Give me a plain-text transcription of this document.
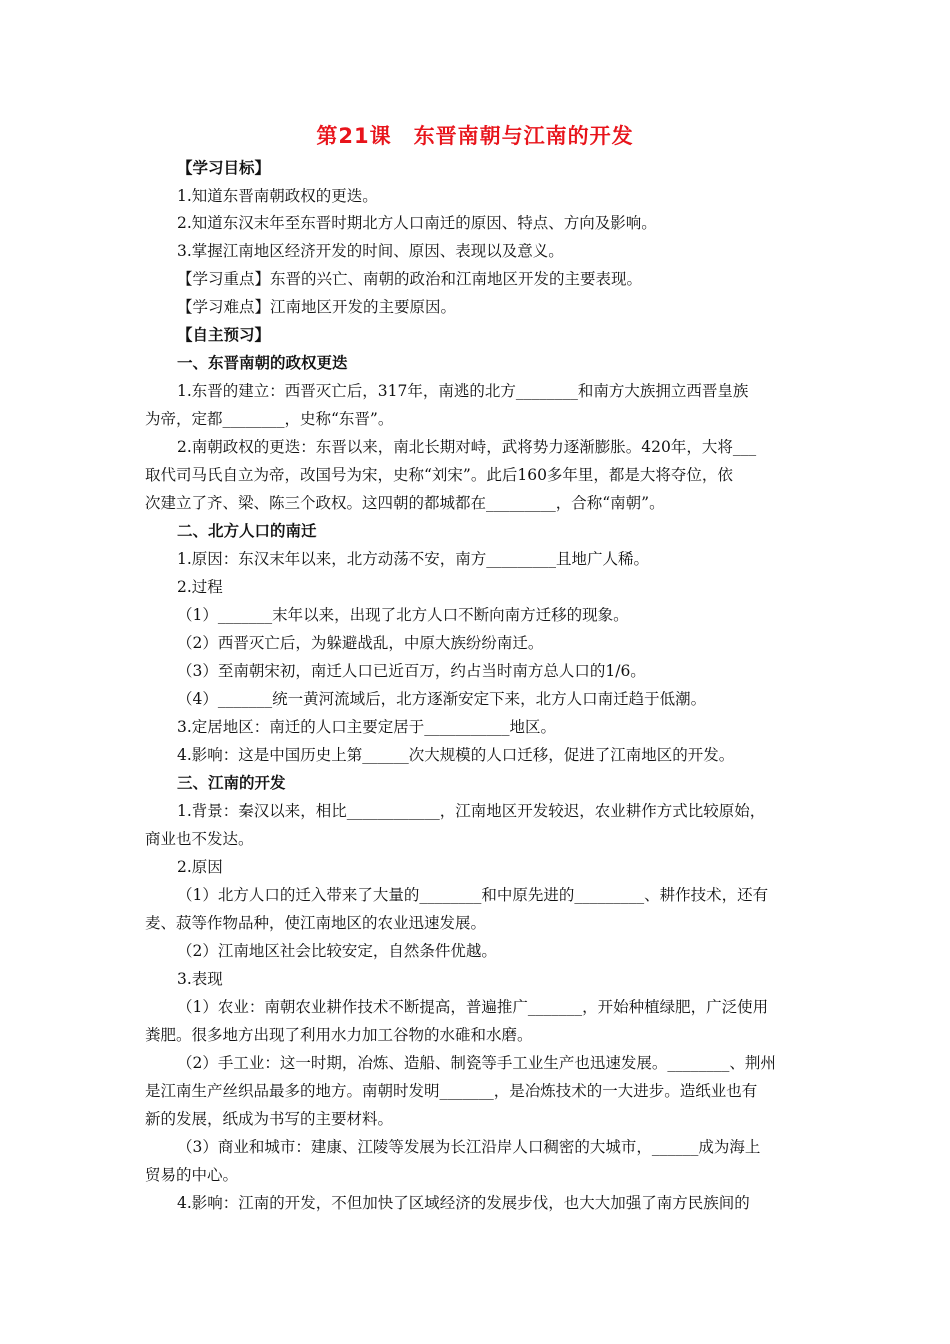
第21课　东晋南朝与江南的开发
【学习目标】
1.知道东晋南朝政权的更迭。
2.知道东汉末年至东晋时期北方人口南迁的原因、特点、方向及影响。
3.掌握江南地区经济开发的时间、原因、表现以及意义。
【学习重点】东晋的兴亡、南朝的政治和江南地区开发的主要表现。
【学习难点】江南地区开发的主要原因。
【自主预习】
一、东晋南朝的政权更迭
1.东晋的建立：西晋灭亡后，317年，南逃的北方________和南方大族拥立西晋皇族
为帝，定都________，史称“东晋”。
2.南朝政权的更迭：东晋以来，南北长期对峙，武将势力逐渐膨胀。420年，大将___
取代司马氏自立为帝，改国号为宋，史称“刘宋”。此后160多年里，都是大将夺位，依
次建立了齐、梁、陈三个政权。这四朝的都城都在_________，合称“南朝”。
二、北方人口的南迁
1.原因：东汉末年以来，北方动荡不安，南方_________且地广人稀。
2.过程
（1）_______末年以来，出现了北方人口不断向南方迁移的现象。
（2）西晋灭亡后，为躲避战乱，中原大族纷纷南迁。
（3）至南朝宋初，南迁人口已近百万，约占当时南方总人口的1/6。
（4）_______统一黄河流域后，北方逐渐安定下来，北方人口南迁趋于低潮。
3.定居地区：南迁的人口主要定居于___________地区。
4.影响：这是中国历史上第______次大规模的人口迁移，促进了江南地区的开发。
三、江南的开发
1.背景：秦汉以来，相比____________，江南地区开发较迟，农业耕作方式比较原始，
商业也不发达。
2.原因
（1）北方人口的迁入带来了大量的________和中原先进的_________、耕作技术，还有
麦、菽等作物品种，使江南地区的农业迅速发展。
（2）江南地区社会比较安定，自然条件优越。
3.表现
（1）农业：南朝农业耕作技术不断提高，普遍推广_______，开始种植绿肥，广泛使用
粪肥。很多地方出现了利用水力加工谷物的水碓和水磨。
（2）手工业：这一时期，冶炼、造船、制瓷等手工业生产也迅速发展。________、荆州
是江南生产丝织品最多的地方。南朝时发明_______，是冶炼技术的一大进步。造纸业也有
新的发展，纸成为书写的主要材料。
（3）商业和城市：建康、江陵等发展为长江沿岸人口稠密的大城市，______成为海上
贸易的中心。
4.影响：江南的开发，不但加快了区域经济的发展步伐，也大大加强了南方民族间的
